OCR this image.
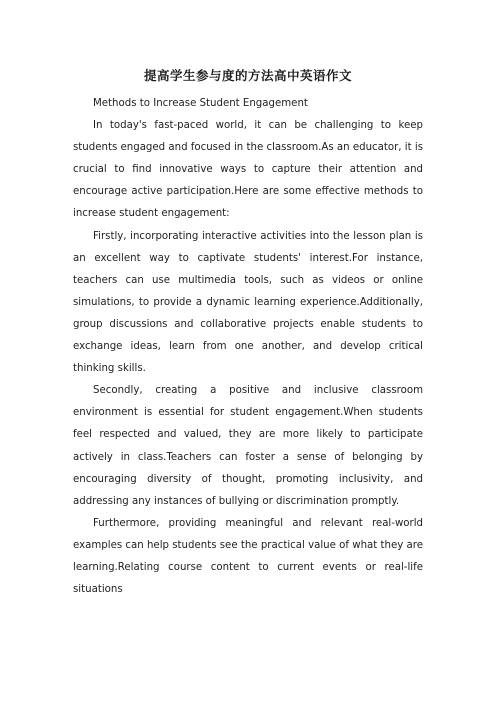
提高学生参与度的方法高中英语作文

Methods to Increase Student Engagement

In today's fast-paced world, it can be challenging to keep students engaged and focused in the classroom.As an educator, it is crucial to find innovative ways to capture their attention and encourage active participation.Here are some effective methods to increase student engagement:

Firstly, incorporating interactive activities into the lesson plan is an excellent way to captivate students' interest.For instance, teachers can use multimedia tools, such as videos or online simulations, to provide a dynamic learning experience.Additionally, group discussions and collaborative projects enable students to exchange ideas, learn from one another, and develop critical thinking skills.

Secondly, creating a positive and inclusive classroom environment is essential for student engagement.When students feel respected and valued, they are more likely to participate actively in class.Teachers can foster a sense of belonging by encouraging diversity of thought, promoting inclusivity, and addressing any instances of bullying or discrimination promptly.

Furthermore, providing meaningful and relevant real-world examples can help students see the practical value of what they are learning.Relating course content to current events or real-life situations
